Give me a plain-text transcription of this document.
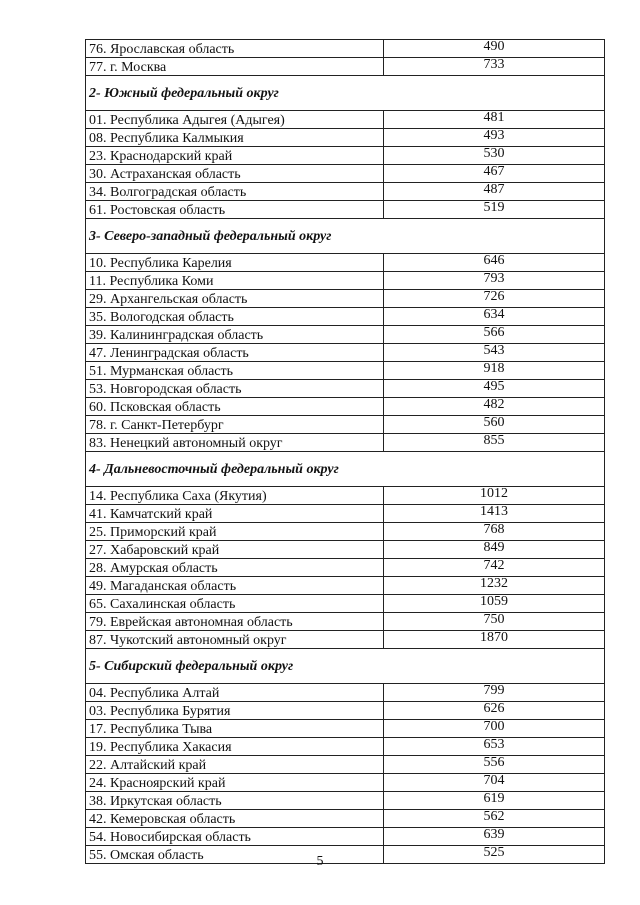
76. Ярославская область	490
77. г. Москва	733
2- Южный федеральный округ	
01. Республика Адыгея (Адыгея)	481
08. Республика Калмыкия	493
23. Краснодарский край	530
30. Астраханская область	467
34. Волгоградская область	487
61. Ростовская область	519
3- Северо-западный федеральный округ	
10. Республика Карелия	646
11. Республика Коми	793
29. Архангельская область	726
35. Вологодская область	634
39. Калининградская область	566
47. Ленинградская область	543
51. Мурманская область	918
53. Новгородская область	495
60. Псковская область	482
78. г. Санкт-Петербург	560
83. Ненецкий автономный округ	855
4- Дальневосточный федеральный округ	
14. Республика Саха (Якутия)	1012
41. Камчатский край	1413
25. Приморский край	768
27. Хабаровский край	849
28. Амурская область	742
49. Магаданская область	1232
65. Сахалинская область	1059
79. Еврейская автономная область	750
87. Чукотский автономный округ	1870
5- Сибирский федеральный округ	
04. Республика Алтай	799
03. Республика Бурятия	626
17. Республика Тыва	700
19. Республика Хакасия	653
22. Алтайский край	556
24. Красноярский край	704
38. Иркутская область	619
42. Кемеровская область	562
54. Новосибирская область	639
55. Омская область	525
5
